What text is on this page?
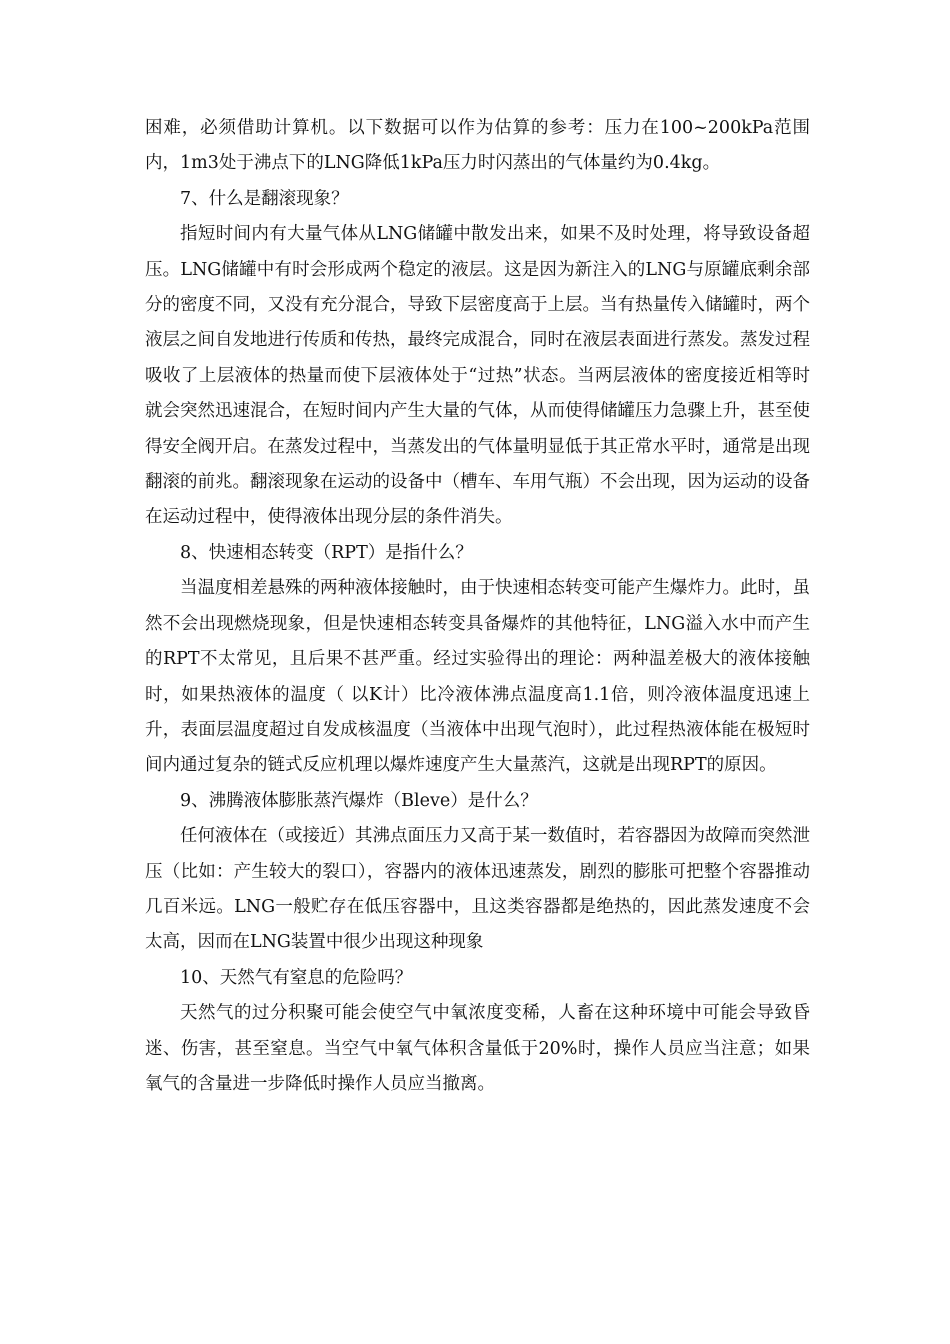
困难，必须借助计算机。以下数据可以作为估算的参考：压力在100~200kPa范围内，1m3处于沸点下的LNG降低1kPa压力时闪蒸出的气体量约为0.4kg。

7、什么是翻滚现象？

指短时间内有大量气体从LNG储罐中散发出来，如果不及时处理，将导致设备超压。LNG储罐中有时会形成两个稳定的液层。这是因为新注入的LNG与原罐底剩余部分的密度不同，又没有充分混合，导致下层密度高于上层。当有热量传入储罐时，两个液层之间自发地进行传质和传热，最终完成混合，同时在液层表面进行蒸发。蒸发过程吸收了上层液体的热量而使下层液体处于“过热”状态。当两层液体的密度接近相等时就会突然迅速混合，在短时间内产生大量的气体，从而使得储罐压力急骤上升，甚至使得安全阀开启。在蒸发过程中，当蒸发出的气体量明显低于其正常水平时，通常是出现翻滚的前兆。翻滚现象在运动的设备中（槽车、车用气瓶）不会出现，因为运动的设备在运动过程中，使得液体出现分层的条件消失。

8、快速相态转变（RPT）是指什么？

当温度相差悬殊的两种液体接触时，由于快速相态转变可能产生爆炸力。此时，虽然不会出现燃烧现象，但是快速相态转变具备爆炸的其他特征，LNG溢入水中而产生的RPT不太常见，且后果不甚严重。经过实验得出的理论：两种温差极大的液体接触时，如果热液体的温度（ 以K计）比冷液体沸点温度高1.1倍，则冷液体温度迅速上升，表面层温度超过自发成核温度（当液体中出现气泡时），此过程热液体能在极短时间内通过复杂的链式反应机理以爆炸速度产生大量蒸汽，这就是出现RPT的原因。

9、沸腾液体膨胀蒸汽爆炸（Bleve）是什么？

任何液体在（或接近）其沸点面压力又高于某一数值时，若容器因为故障而突然泄压（比如：产生较大的裂口），容器内的液体迅速蒸发，剧烈的膨胀可把整个容器推动几百米远。LNG一般贮存在低压容器中，且这类容器都是绝热的，因此蒸发速度不会太高，因而在LNG装置中很少出现这种现象

10、天然气有窒息的危险吗？

天然气的过分积聚可能会使空气中氧浓度变稀，人畜在这种环境中可能会导致昏迷、伤害，甚至窒息。当空气中氧气体积含量低于20%时，操作人员应当注意；如果氧气的含量进一步降低时操作人员应当撤离。
